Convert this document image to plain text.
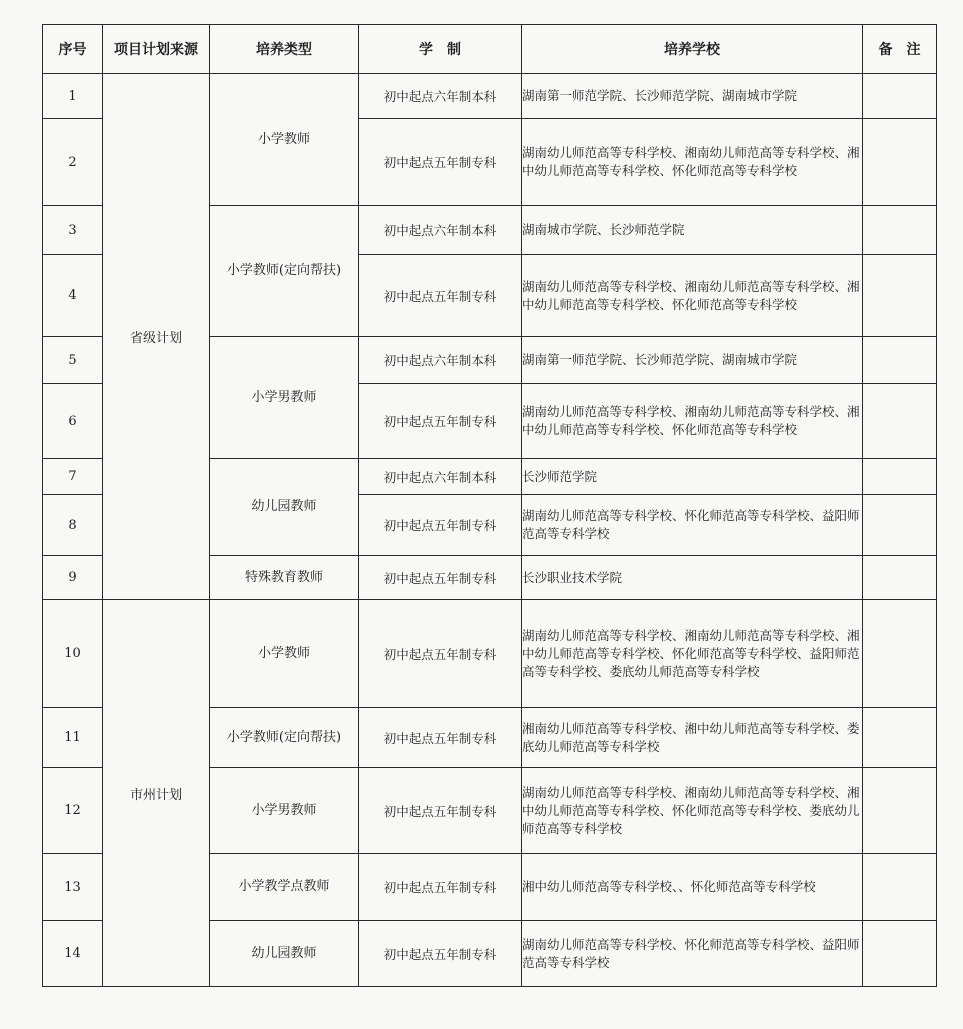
序号	项目计划来源	培养类型	学　制	培养学校	备　注
1	省级计划	小学教师	初中起点六年制本科	湖南第一师范学院、长沙师范学院、湖南城市学院	
2			初中起点五年制专科	湖南幼儿师范高等专科学校、湘南幼儿师范高等专科学校、湘中幼儿师范高等专科学校、怀化师范高等专科学校	
3		小学教师(定向帮扶)	初中起点六年制本科	湖南城市学院、长沙师范学院	
4			初中起点五年制专科	湖南幼儿师范高等专科学校、湘南幼儿师范高等专科学校、湘中幼儿师范高等专科学校、怀化师范高等专科学校	
5		小学男教师	初中起点六年制本科	湖南第一师范学院、长沙师范学院、湖南城市学院	
6			初中起点五年制专科	湖南幼儿师范高等专科学校、湘南幼儿师范高等专科学校、湘中幼儿师范高等专科学校、怀化师范高等专科学校	
7		幼儿园教师	初中起点六年制本科	长沙师范学院	
8			初中起点五年制专科	湖南幼儿师范高等专科学校、怀化师范高等专科学校、益阳师范高等专科学校	
9		特殊教育教师	初中起点五年制专科	长沙职业技术学院	
10	市州计划	小学教师	初中起点五年制专科	湖南幼儿师范高等专科学校、湘南幼儿师范高等专科学校、湘中幼儿师范高等专科学校、怀化师范高等专科学校、益阳师范高等专科学校、娄底幼儿师范高等专科学校	
11		小学教师(定向帮扶)	初中起点五年制专科	湘南幼儿师范高等专科学校、湘中幼儿师范高等专科学校、娄底幼儿师范高等专科学校	
12		小学男教师	初中起点五年制专科	湖南幼儿师范高等专科学校、湘南幼儿师范高等专科学校、湘中幼儿师范高等专科学校、怀化师范高等专科学校、娄底幼儿师范高等专科学校	
13		小学教学点教师	初中起点五年制专科	湘中幼儿师范高等专科学校、、怀化师范高等专科学校	
14		幼儿园教师	初中起点五年制专科	湖南幼儿师范高等专科学校、怀化师范高等专科学校、益阳师范高等专科学校	
